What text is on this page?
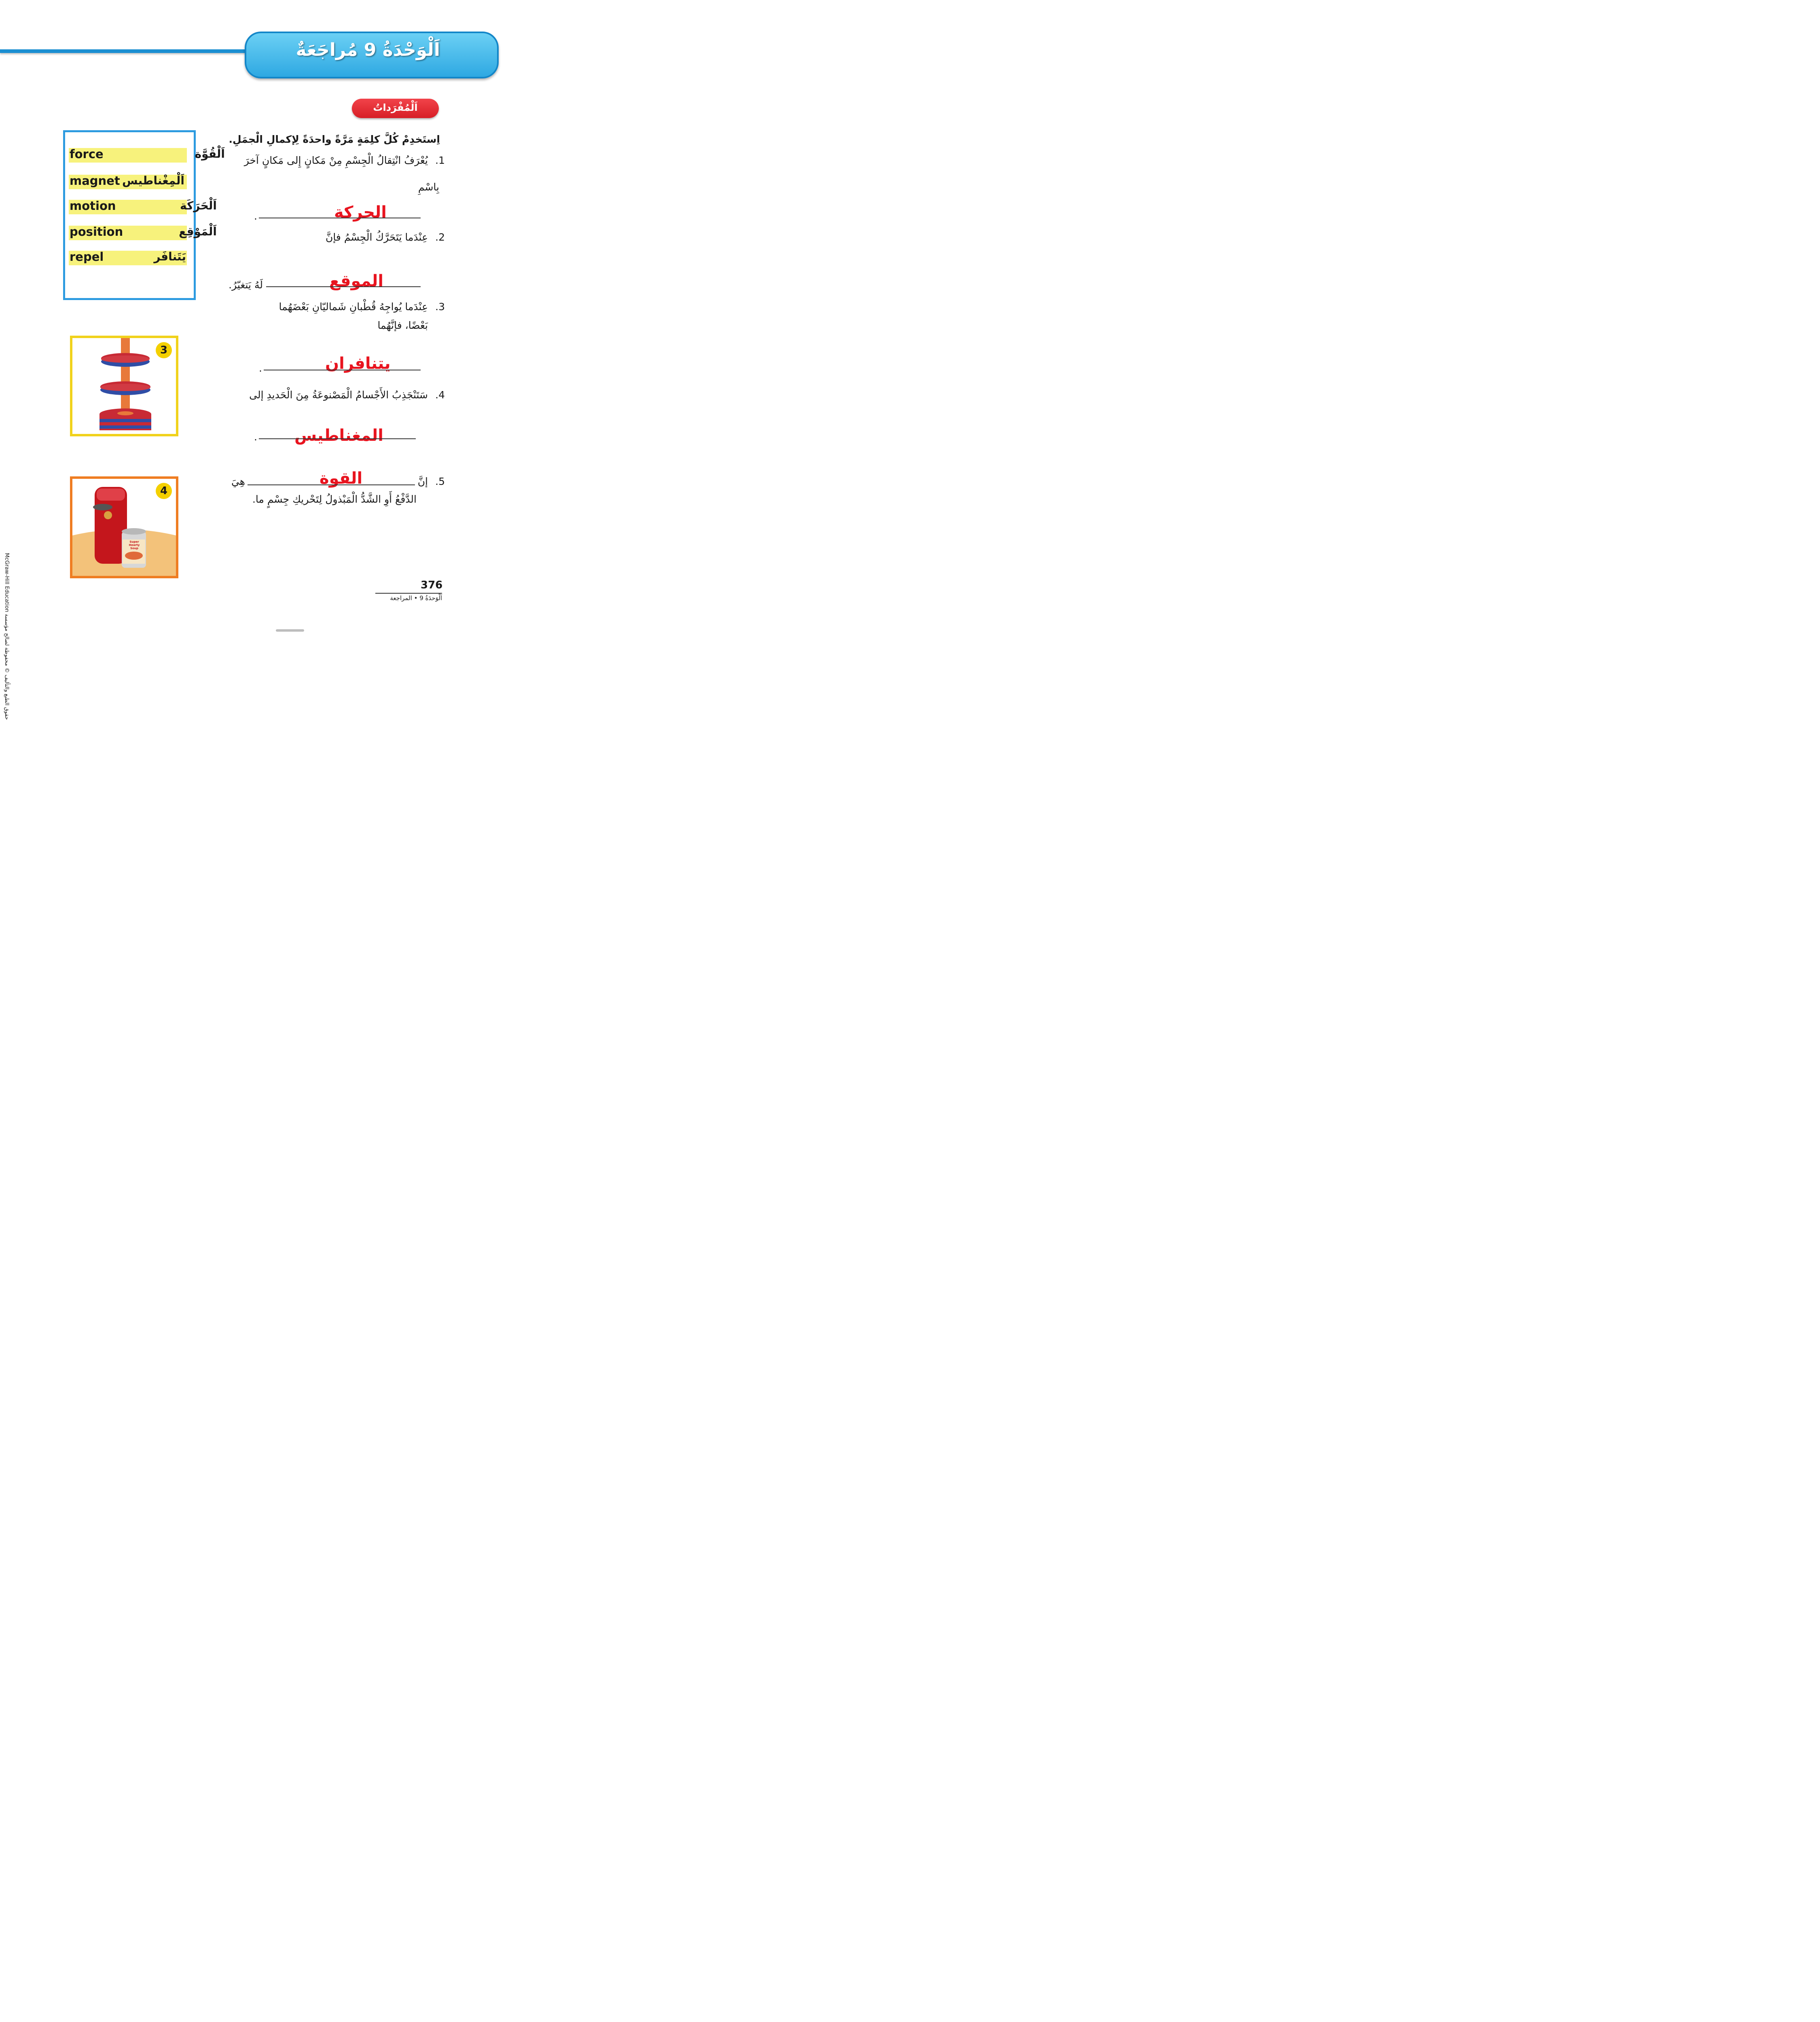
اَلْوَحْدَةُ 9 مُراجَعَةٌ
اَلْمُفْرَداتُ
اِستَخدِمْ كُلَّ كلِمَةٍ مَرَّةً واحدَةً لِإكمالِ الْجمَلِ.
force	اَلْقُوَّة
magnet اَلْمِغْناطيس
motion	اَلْحَرَكَة
position	اَلْمَوْقِع
repel	يَتَنافَر
1.
يُعْرَفُ انْتِقالُ الْجِسْمِ مِنْ مَكانٍ إِلى مَكانٍ آخرَ
بِاسْمِ
الحركة
.
2.
عِنْدَما يَتَحَرَّكُ الْجِسْمُ فإنَّ
الموقع
لَهُ يَتغيّرُ.
3.
عِنْدَما يُواجِهُ قُطْبانِ شَماليّانِ بَعْضَهُما
بَعْضًا، فإنَّهُما
يتنافران
.
4.
سَتَنْجَذِبُ الأَجْسامُ الْمَصْنوعَةُ مِنَ الْحَديدِ إلى
المغناطيس
.
5.
إنَّ
القوة
هِيَ
الدَّفْعُ أَوِ الشَّدُّ الْمَبْذولُ لِتَحْريكِ جِسْمٍ ما.
3
Super Hearty Soup
4
حقوق الطبع والتأليف © محفوظة لصالح مؤسسة McGraw-Hill Education
376
اَلْوَحدَةُ 9 • المراجعة
